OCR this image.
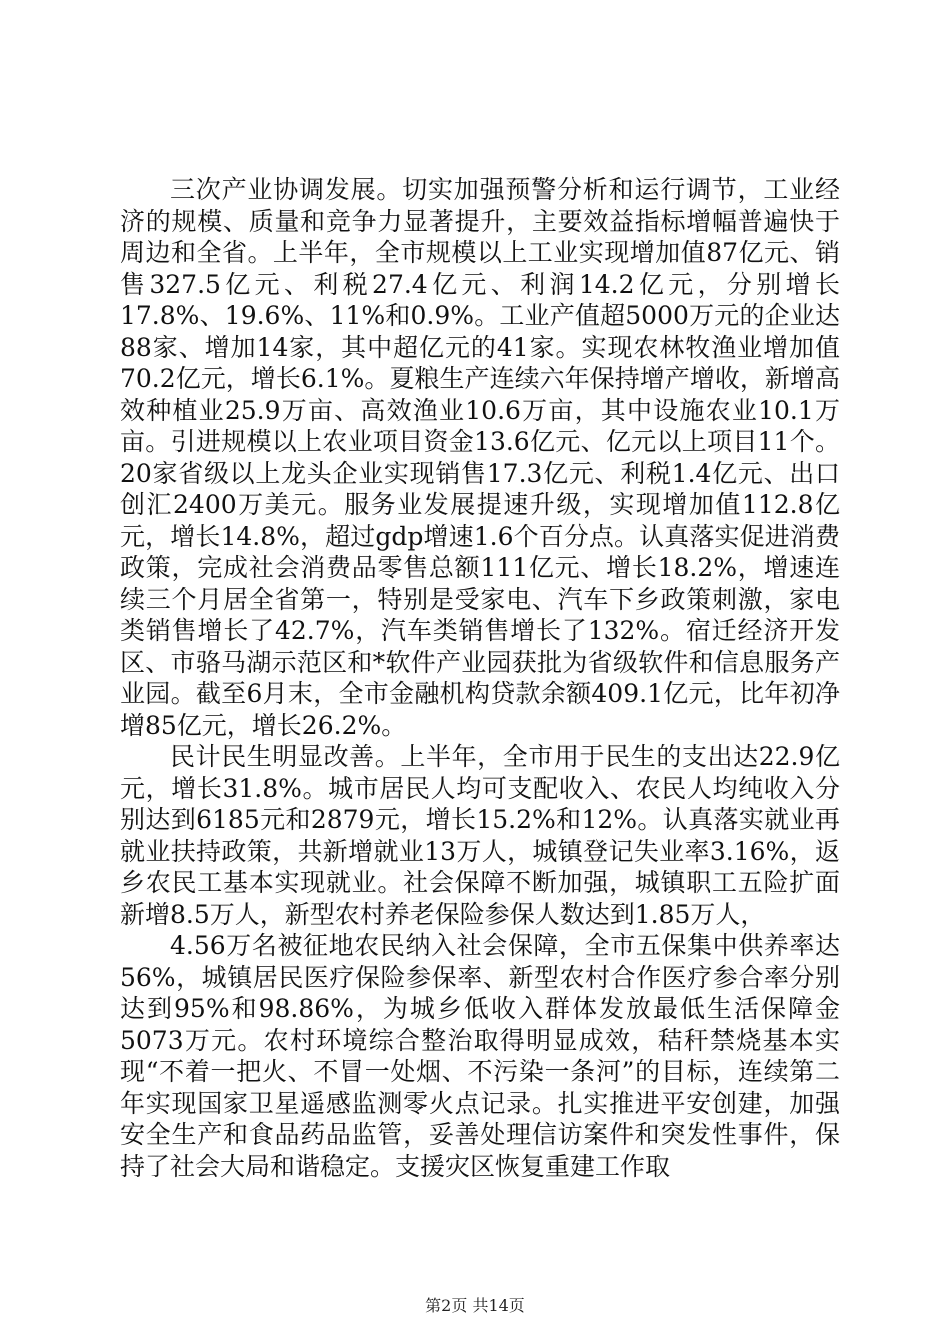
三次产业协调发展。切实加强预警分析和运行调节，工业经济的规模、质量和竞争力显著提升，主要效益指标增幅普遍快于周边和全省。上半年，全市规模以上工业实现增加值87亿元、销售327.5亿元、利税27.4亿元、利润14.2亿元，分别增长17.8%、19.6%、11%和0.9%。工业产值超5000万元的企业达88家、增加14家，其中超亿元的41家。实现农林牧渔业增加值70.2亿元，增长6.1%。夏粮生产连续六年保持增产增收，新增高效种植业25.9万亩、高效渔业10.6万亩，其中设施农业10.1万亩。引进规模以上农业项目资金13.6亿元、亿元以上项目11个。20家省级以上龙头企业实现销售17.3亿元、利税1.4亿元、出口创汇2400万美元。服务业发展提速升级，实现增加值112.8亿元，增长14.8%，超过gdp增速1.6个百分点。认真落实促进消费政策，完成社会消费品零售总额111亿元、增长18.2%，增速连续三个月居全省第一，特别是受家电、汽车下乡政策刺激，家电类销售增长了42.7%，汽车类销售增长了132%。宿迁经济开发区、市骆马湖示范区和*软件产业园获批为省级软件和信息服务产业园。截至6月末，全市金融机构贷款余额409.1亿元，比年初净增85亿元，增长26.2%。

民计民生明显改善。上半年，全市用于民生的支出达22.9亿元，增长31.8%。城市居民人均可支配收入、农民人均纯收入分别达到6185元和2879元，增长15.2%和12%。认真落实就业再就业扶持政策，共新增就业13万人，城镇登记失业率3.16%，返乡农民工基本实现就业。社会保障不断加强，城镇职工五险扩面新增8.5万人，新型农村养老保险参保人数达到1.85万人，

4.56万名被征地农民纳入社会保障，全市五保集中供养率达56%，城镇居民医疗保险参保率、新型农村合作医疗参合率分别达到95%和98.86%，为城乡低收入群体发放最低生活保障金5073万元。农村环境综合整治取得明显成效，秸秆禁烧基本实现“不着一把火、不冒一处烟、不污染一条河”的目标，连续第二年实现国家卫星遥感监测零火点记录。扎实推进平安创建，加强安全生产和食品药品监管，妥善处理信访案件和突发性事件，保持了社会大局和谐稳定。支援灾区恢复重建工作取

第2页 共14页
